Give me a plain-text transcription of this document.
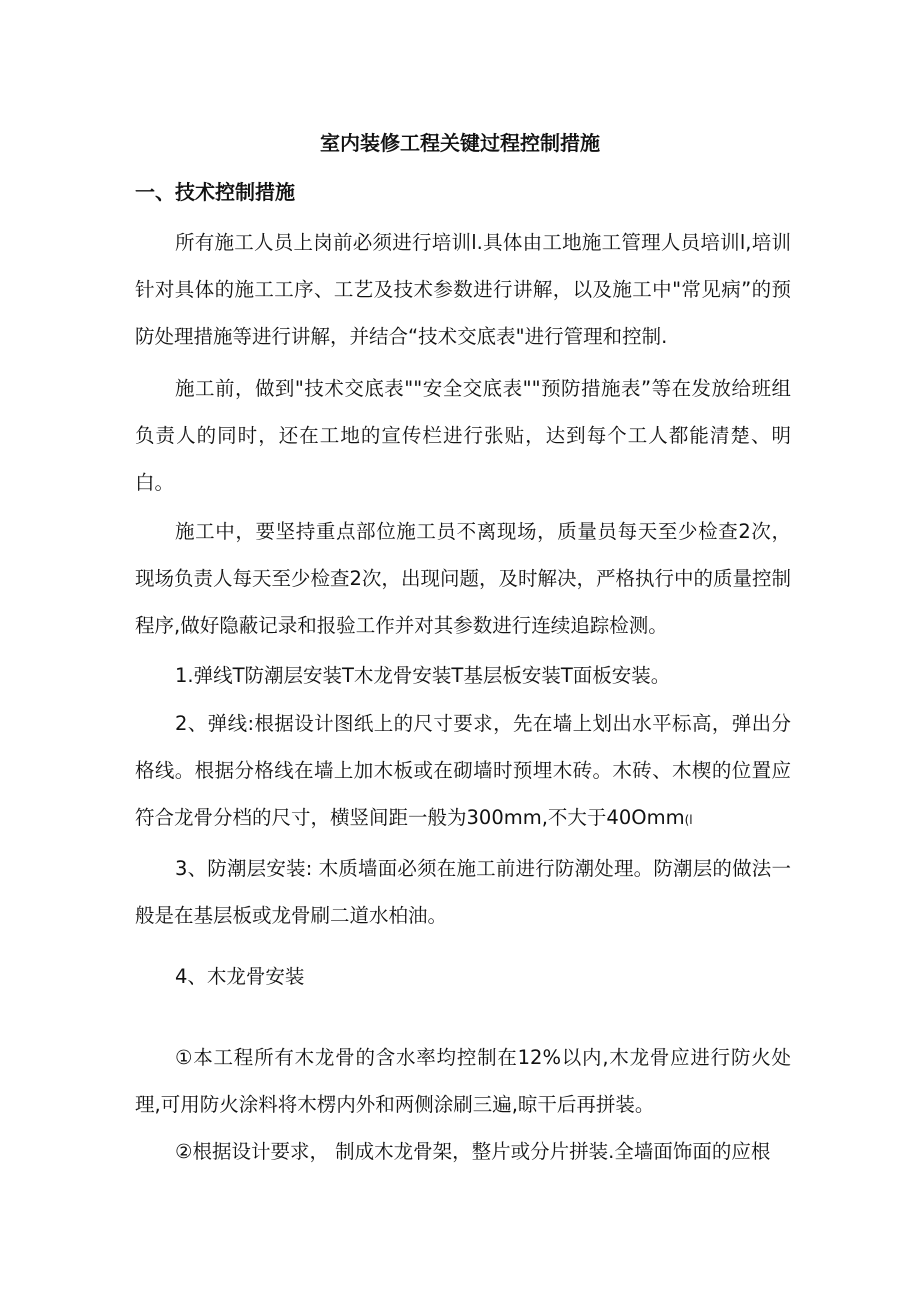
室内装修工程关键过程控制措施
一、技术控制措施

所有施工人员上岗前必须进行培训l.具体由工地施工管理人员培训l,培训针对具体的施工工序、工艺及技术参数进行讲解，以及施工中"常见病”的预防处理措施等进行讲解，并结合“技术交底表"进行管理和控制.

施工前，做到"技术交底表""安全交底表""预防措施表”等在发放给班组负责人的同时，还在工地的宣传栏进行张贴，达到每个工人都能清楚、明白。

施工中，要坚持重点部位施工员不离现场，质量员每天至少检查2次，现场负责人每天至少检查2次，出现问题，及时解决，严格执行中的质量控制程序,做好隐蔽记录和报验工作并对其参数进行连续追踪检测。

1.弹线T防潮层安装T木龙骨安装T基层板安装T面板安装。

2、弹线:根据设计图纸上的尺寸要求，先在墙上划出水平标高，弹出分格线。根据分格线在墙上加木板或在砌墙时预埋木砖。木砖、木楔的位置应符合龙骨分档的尺寸，横竖间距一般为300mm,不大于40Omm(l

3、防潮层安装: 木质墙面必须在施工前进行防潮处理。防潮层的做法一般是在基层板或龙骨刷二道水柏油。

4、木龙骨安装

①本工程所有木龙骨的含水率均控制在12%以内,木龙骨应进行防火处理,可用防火涂料将木楞内外和两侧涂刷三遍,晾干后再拼装。

②根据设计要求， 制成木龙骨架，整片或分片拼装.全墙面饰面的应根
